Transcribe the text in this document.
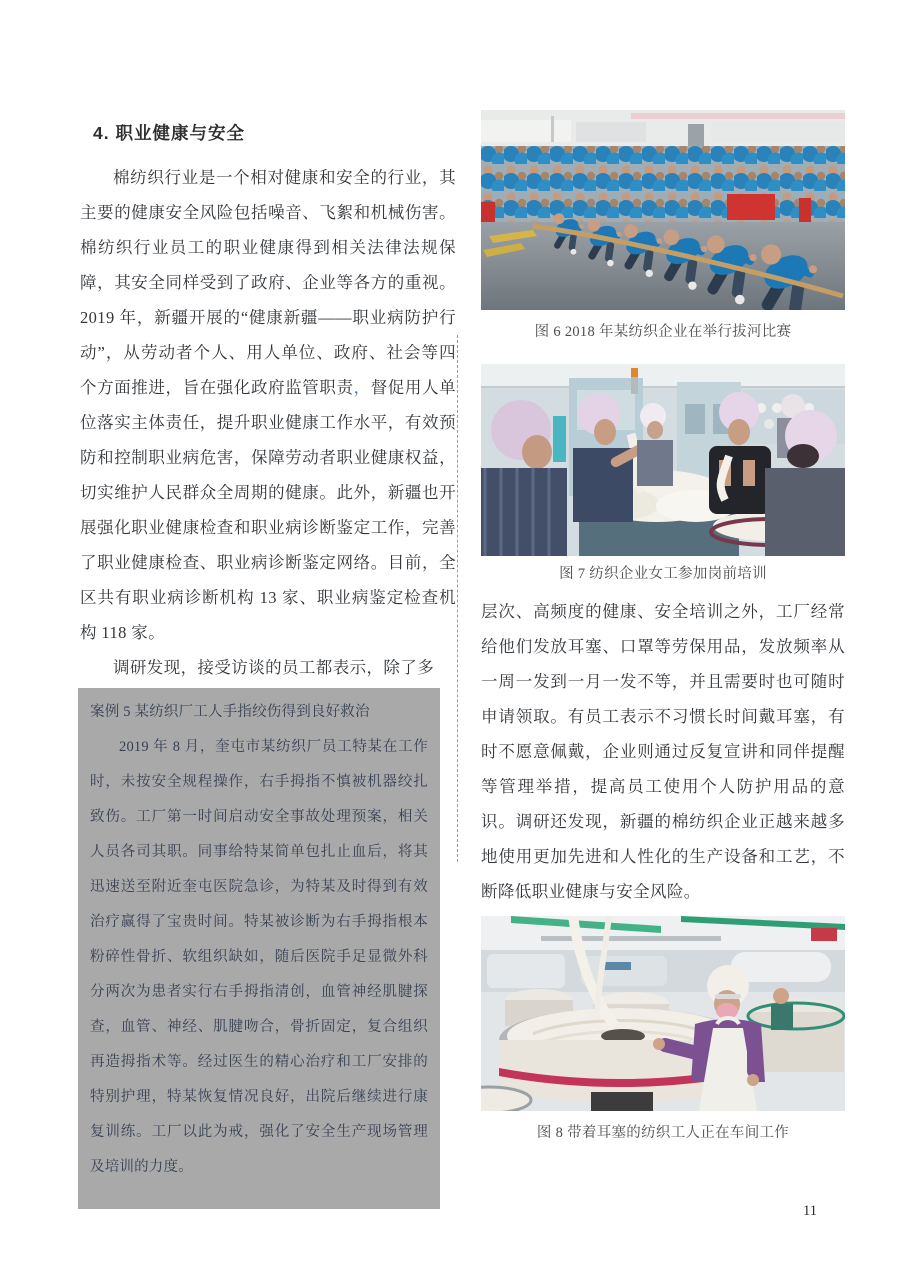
4. 职业健康与安全

棉纺织行业是一个相对健康和安全的行业，其主要的健康安全风险包括噪音、飞絮和机械伤害。棉纺织行业员工的职业健康得到相关法律法规保障，其安全同样受到了政府、企业等各方的重视。2019 年，新疆开展的“健康新疆——职业病防护行动”，从劳动者个人、用人单位、政府、社会等四个方面推进，旨在强化政府监管职责，督促用人单位落实主体责任，提升职业健康工作水平，有效预防和控制职业病危害，保障劳动者职业健康权益，切实维护人民群众全周期的健康。此外，新疆也开展强化职业健康检查和职业病诊断鉴定工作，完善了职业健康检查、职业病诊断鉴定网络。目前，全区共有职业病诊断机构 13 家、职业病鉴定检查机构 118 家。

调研发现，接受访谈的员工都表示，除了多

案例 5 某纺织厂工人手指绞伤得到良好救治

2019 年 8 月，奎屯市某纺织厂员工特某在工作时，未按安全规程操作，右手拇指不慎被机器绞扎致伤。工厂第一时间启动安全事故处理预案，相关人员各司其职。同事给特某简单包扎止血后，将其迅速送至附近奎屯医院急诊，为特某及时得到有效治疗赢得了宝贵时间。特某被诊断为右手拇指根本粉碎性骨折、软组织缺如，随后医院手足显微外科分两次为患者实行右手拇指清创，血管神经肌腱探查，血管、神经、肌腱吻合，骨折固定，复合组织再造拇指术等。经过医生的精心治疗和工厂安排的特别护理，特某恢复情况良好，出院后继续进行康复训练。工厂以此为戒，强化了安全生产现场管理及培训的力度。

图 6 2018 年某纺织企业在举行拔河比赛
图 7 纺织企业女工参加岗前培训

层次、高频度的健康、安全培训之外，工厂经常给他们发放耳塞、口罩等劳保用品，发放频率从一周一发到一月一发不等，并且需要时也可随时申请领取。有员工表示不习惯长时间戴耳塞，有时不愿意佩戴，企业则通过反复宣讲和同伴提醒等管理举措，提高员工使用个人防护用品的意识。调研还发现，新疆的棉纺织企业正越来越多地使用更加先进和人性化的生产设备和工艺，不断降低职业健康与安全风险。

图 8 带着耳塞的纺织工人正在车间工作
11
